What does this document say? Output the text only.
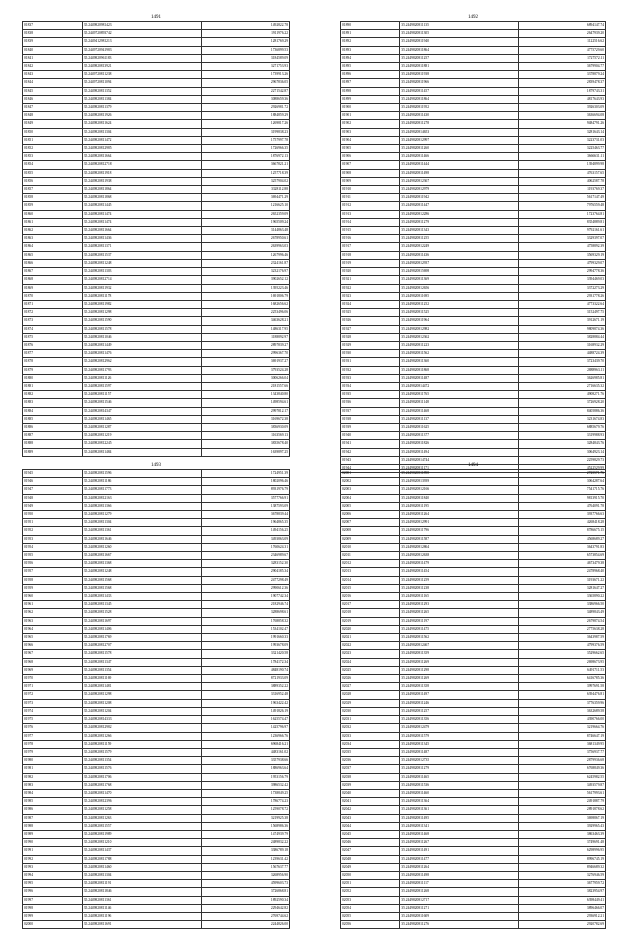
1491
01837	35.2449820981423	1492822.78
01838	35.2449720893742	1911976.22
01839	35.2449412981213	1281769.29
01840	35.2449720941983	1736899.53
01841	35.2449820961183	3184589.09
01842	35.2449820813921	3271753.93
01843	35.2449720811238	1739913.26
01844	35.2449720811094	2967836.05
01845	35.2449820811352	2271542.87
01846	35.2449820811384	3088659.36
01847	35.2449820811379	2926981.72
01848	35.2449820811926	1884859.29
01849	35.2449820811624	1269817.26
01850	35.2449820811304	3199838.23
01851	35.2449820811472	1757997.78
01852	35.2449820812985	1726966.35
01853	35.2449820811664	1876972.13
01854	35.2449820812718	3667821.21
01855	35.2449820811918	1257718.39
01856	35.2449820811938	3257904.02
01857	35.2449820811864	3328112.88
01858	35.2449820811868	3694471.29
01859	35.2449820811445	1216625.10
01860	35.2449820811474	2652359.09
01861	35.2449820811474	1965509.24
01862	35.2449820811664	3144863.48
01863	35.2449820811436	2678950.61
01864	35.2449820811371	2639963.03
01865	35.2449820811537	1267996.46
01866	35.2449820811248	2324161.87
01867	35.2449820811303	3232176.97
01868	35.2449820812714	3902652.12
01869	35.2449820811932	1395223.46
01870	35.2449820811178	1691806.79
01871	35.2449820811982	1682656.62
01872	35.2449820811298	2253496.06
01873	35.2449820811590	3463628.21
01874	35.2449820811578	1486317.95
01875	35.2449820811046	1188892.97
01876	35.2449820811449	2897839.27
01877	35.2449820811476	2996367.70
01878	35.2449820812962	3691937.27
01879	35.2449820811793	3793524.28
01880	35.2449820811126	3006266.04
01881	35.2449820811597	2181557.66
01882	35.2449820811157	1343840.80
01883	35.2449820811546	1498594.61
01884	35.2449820814347	2997812.17
01885	35.2449820811465	3169672.38
01886	35.2449820811287	3836930.09
01887	35.2449820811219	1163569.13
01888	35.2449820812245	3835678.40
01889	35.2449820811484	1639897.25
1492
01890	35.2449820811135	6894147.74
01891	35.2449820811305	2647939.20
01892	35.2449820811940	1122516.62
01893	35.2449820811864	4775729.60
01894	35.2449820811257	1727572.11
01895	35.2449820811881	3679904.77
01896	35.2449820811938	3378879.24
01897	35.2449820811966	2839478.37
01898	35.2449820811457	1879743.31
01899	35.2449820811864	4817643.93
01900	35.2449820811952	3926303.09
01901	35.2449820811430	3636694.08
01902	35.2449820811278	9484791.26
01903	35.2449820814653	3281643.14
01904	35.2449820812997	3223731.03
01905	35.2449820811260	3225463.77
01906	35.2449820811466	3666631.11
01907	35.2449820811444	1394899.98
01908	35.2449820811498	4763157.65
01909	35.2449820812367	4062587.78
01910	35.2449820812979	1193769.37
01911	35.2449820811942	5617147.49
01912	35.2449820811447	7976559.48
01913	35.2449820812286	1723764.81
01914	35.2449820811279	8354889.81
01915	35.2449820811343	9792161.61
01916	35.2449820811255	3329397.07
01917	35.2449820812249	4758892.39
01918	35.2449820811436	3569329.19
01919	35.2449820812937	4799329.07
01920	35.2449820815698	2994778.36
01921	35.2449820811369	3394469.03
01922	35.2449820812656	3372273.29
01923	35.2449820811695	2931778.26
01924	35.2449820811252	4773322.64
01925	35.2449820811525	3152497.75
01926	35.2449820811964	3912671.19
01927	35.2449820812982	9809874.36
01928	35.2449820812362	3828884.44
01929	35.2449820811223	3168932.29
01930	35.2449820811562	4488724.39
01931	35.2449820811360	3723439.70
01932	35.2449820811868	2888963.11
01933	35.2449820811487	3626985.81
01934	35.2449820814472	2716635.32
01935	35.2449820811765	4908271.76
01936	35.2449820811148	3726928.20
01937	35.2449820811468	8405886.36
01938	35.2449820811137	3231674.83
01939	35.2449820811625	6885679.76
01940	35.2449820811377	3319988.93
01941	35.2449820811826	3284843.76
01942	35.2449820811494	3064923.14
01943	35.2449820814744	2259829.73
01944	35.2449820811171	4522529.99
1493
01945	35.2449820811596	1724951.39
01946	35.2449820811186	1802096.46
01947	35.2449820811773	8931976.79
01948	35.2449820812163	3577766.91
01949	35.2449820811366	1387593.09
01950	35.2449820811279	3678839.44
01951	35.2449820811304	1964865.35
01952	35.2449820811361	1494156.25
01953	35.2449820811646	3493863.09
01954	35.2449820811260	1760624.31
01955	35.2449820811667	2346989.67
01956	35.2449820811368	3283152.30
01957	35.2449820811248	2904185.34
01958	35.2449820811568	2477298.49
01959	35.2449820811568	2990612.36
01960	35.2449820811433	1907742.34
01961	35.2449820811345	2182946.74
01962	35.2449820811528	3288698.61
01963	35.2449820811697	1768858.32
01964	35.2449820811406	1534102.47
01965	35.2449820811769	1991660.33
01966	35.2449820812707	1993678.09
01967	35.2449820811578	3321420.58
01968	35.2449820811347	1784172.34
01969	35.2449820811354	4848190.74
01970	35.2449820811169	8721933.09
01971	35.2449820811481	3889352.22
01972	35.2449820811298	3316952.48
01973	35.2449820811208	1963422.42
01974	35.2449820811204	1491826.19
01975	35.2449820814333	1625574.47
01976	35.2449820812982	1425796.97
01977	35.2449820811266	1236966.76
01978	35.2449820811159	6968416.21
01979	35.2449820811579	4483161.02
01980	35.2449820811354	3357938.66
01981	35.2449820811576	1886963.64
01982	35.2449820811706	1953156.79
01983	35.2449820811768	3986532.42
01984	35.2449820811470	1738849.25
01985	35.2449820812396	1786774.23
01986	35.2449820811258	1259078.72
01987	35.2449820811263	3219925.38
01988	35.2449820811557	1568986.36
01989	35.2449820811989	1474939.79
01990	35.2449820811210	2489832.22
01991	35.2449820811437	3386789.18
01992	35.2449820811788	1239631.42
01993	35.2449820811460	1567637.77
01994	35.2449820811304	3268956.90
01995	35.2449820811191	4599603.73
01996	35.2449820811846	3726868.81
01997	35.2449820811361	1892590.34
01998	35.2449820811146	2294642.82
01999	35.2449820811196	2769744.62
02000	35.2449820811691	2244826.00
1494
02001	35.2449820811898	2725571.76
02002	35.2449820813939	3064287.64
02003	35.2449820812166	7541715.76
02004	35.2449820811840	9813915.70
02005	35.2449820811195	4764091.78
02006	35.2449820811264	3937766.63
02007	35.2449820812991	4268418.28
02008	35.2449820811796	8786675.15
02009	35.2449820811587	4568689.27
02010	35.2449820812864	3643791.83
02011	35.2449820812638	6573854.69
02012	35.2449820811479	4673479.38
02013	35.2449820811454	2478968.40
02014	35.2449820811259	3193671.22
02015	35.2449820811238	3281647.27
02016	35.2449820811165	3365890.22
02017	35.2449820811293	3386966.50
02018	35.2449820811265	3489843.49
02019	35.2449820811197	2679874.54
02020	35.2449820811475	2775638.28
02021	35.2449820811562	3643987.59
02022	35.2449820812467	4799376.59
02023	35.2449820811359	3529662.65
02024	35.2449820811269	2698673.95
02025	35.2449820811298	6491711.53
02026	35.2449820811269	6416785.36
02027	35.2449820811358	3997691.58
02028	35.2449820811497	6394476.81
02029	35.2449820811246	3776359.96
02030	35.2449820811257	3632689.58
02031	35.2449820811356	4390766.00
02032	35.2449820812479	3219664.76
02033	35.2449820811579	8746647.19
02034	35.2449820811345	3681349.95
02035	35.2449820811487	3756937.77
02036	35.2449820812735	2879936.68
02037	35.2449820811279	6768849.36
02038	35.2449820811465	6245982.55
02039	35.2449820811536	3493579.87
02040	35.2449820811460	5617993.61
02041	35.2449820811364	2491887.79
02042	35.2449820811361	2891878.62
02043	35.2449820811495	3698867.19
02044	35.2449820811341	3929965.43
02045	35.2449820811468	3863463.39
02046	35.2449820811267	3749691.48
02047	35.2449820811491	6298996.95
02048	35.2449820811477	8996745.19
02049	35.2449820811264	8946689.32
02050	35.2449820811498	3276946.59
02051	35.2449820811117	3677959.72
02052	35.2449820811268	3823954.97
02053	35.2449820812717	6398449.41
02054	35.2449820811271	3896466.07
02055	35.2449820811609	2936912.21
02056	35.2449820811276	2920782.69
